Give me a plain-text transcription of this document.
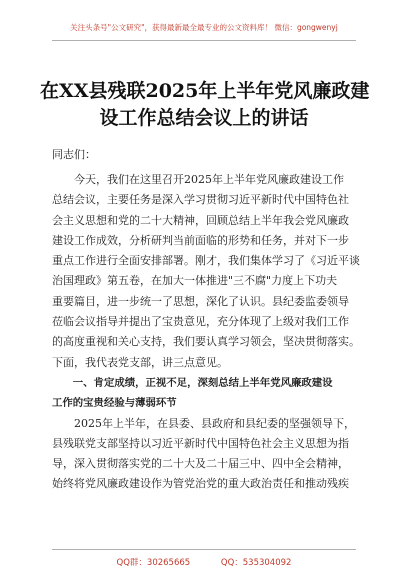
关注头条号"公文研究"，获得最新最全最专业的公文资料库！ 微信：gongwenyj
在XX县残联2025年上半年党风廉政建
设工作总结会议上的讲话
同志们：
　　今天，我们在这里召开2025年上半年党风廉政建设工作
总结会议，主要任务是深入学习贯彻习近平新时代中国特色社
会主义思想和党的二十大精神，回顾总结上半年我会党风廉政
建设工作成效，分析研判当前面临的形势和任务，并对下一步
重点工作进行全面安排部署。刚才，我们集体学习了《习近平谈
治国理政》第五卷，在加大一体推进"三不腐"力度上下功夫
重要篇目，进一步统一了思想，深化了认识。县纪委监委领导
莅临会议指导并提出了宝贵意见，充分体现了上级对我们工作
的高度重视和关心支持，我们要认真学习领会，坚决贯彻落实。
下面，我代表党支部，讲三点意见。
　　一、肯定成绩，正视不足，深刻总结上半年党风廉政建设
工作的宝贵经验与薄弱环节
　　2025年上半年，在县委、县政府和县纪委的坚强领导下，
县残联党支部坚持以习近平新时代中国特色社会主义思想为指
导，深入贯彻落实党的二十大及二十届三中、四中全会精神，
始终将党风廉政建设作为管党治党的重大政治责任和推动残疾
QQ群：30265665	QQ：535304092
